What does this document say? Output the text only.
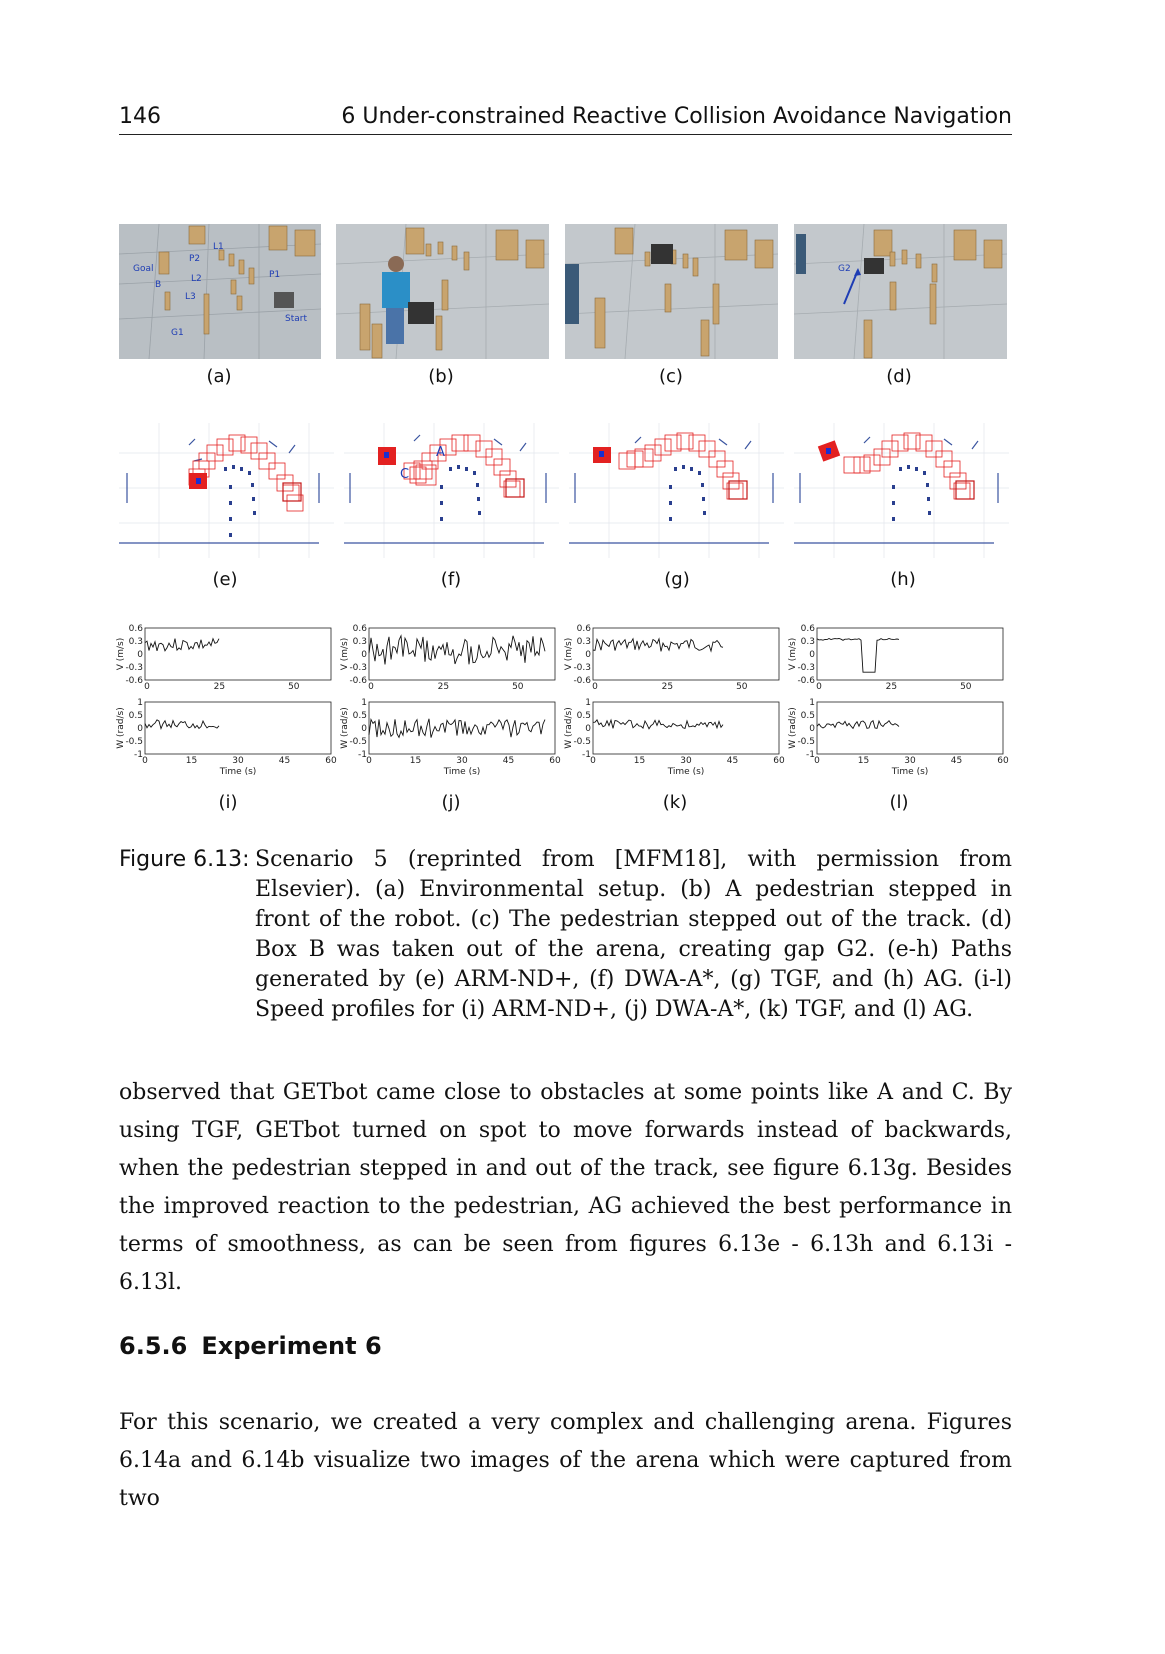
146	6 Under-constrained Reactive Collision Avoidance Navigation
Goal
B
L1
P2
L2
L3
P1
G1
Start
G2
(a)	(b)	(c)	(d)
A
C
(e)	(f)	(g)	(h)
0.6
0.3
0
-0.3
-0.6
1
0.5
0
-0.5
-1
0	25	50
0	15	30	45	60
V (m/s)
W (rad/s)
Time (s)
0.6
0.3
0
-0.3
-0.6
1
0.5
0
-0.5
-1
0	25	50
0	15	30	45	60
V (m/s)
W (rad/s)
Time (s)
0.6
0.3
0
-0.3
-0.6
1
0.5
0
-0.5
-1
0	25	50
0	15	30	45	60
V (m/s)
W (rad/s)
Time (s)
0.6
0.3
0
-0.3
-0.6
1
0.5
0
-0.5
-1
0	25	50
0	15	30	45	60
V (m/s)
W (rad/s)
Time (s)
(i)	(j)	(k)	(l)
Figure 6.13: Scenario 5 (reprinted from [MFM18], with permission from Elsevier). (a) Environmental setup. (b) A pedestrian stepped in front of the robot. (c) The pedestrian stepped out of the track. (d) Box B was taken out of the arena, creating gap G2. (e-h) Paths generated by (e) ARM-ND+, (f) DWA-A*, (g) TGF, and (h) AG. (i-l) Speed profiles for (i) ARM-ND+, (j) DWA-A*, (k) TGF, and (l) AG.
observed that GETbot came close to obstacles at some points like A and C. By using TGF, GETbot turned on spot to move forwards instead of backwards, when the pedestrian stepped in and out of the track, see figure 6.13g. Besides the improved reaction to the pedestrian, AG achieved the best performance in terms of smoothness, as can be seen from figures 6.13e - 6.13h and 6.13i - 6.13l.
6.5.6 Experiment 6
For this scenario, we created a very complex and challenging arena. Figures 6.14a and 6.14b visualize two images of the arena which were captured from two
